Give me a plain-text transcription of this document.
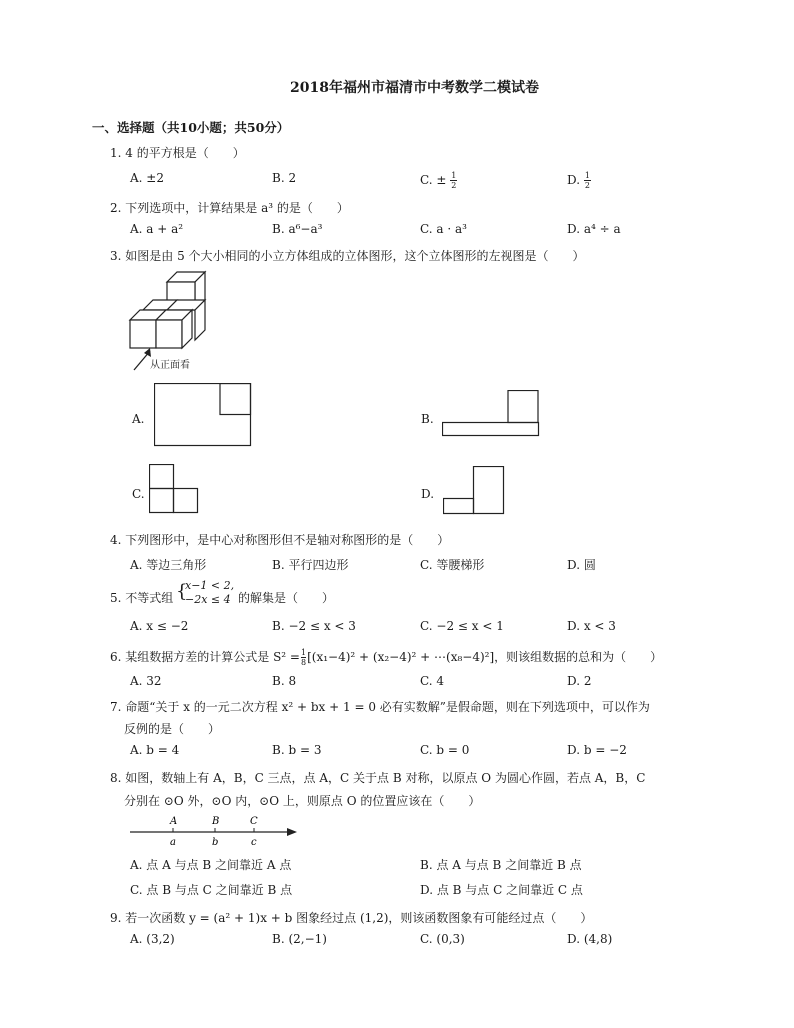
2018年福州市福清市中考数学二模试卷
一、选择题（共10小题；共50分）
1. 4 的平方根是（　　）
A. ±2	B. 2	C. ± $\frac{1}{2}$	D. $\frac{1}{2}$
2. 下列选项中，计算结果是 a³ 的是（　　）
A. a + a²	B. a⁶−a³	C. a · a³	D. a⁴ ÷ a
3. 如图是由 5 个大小相同的小立方体组成的立体图形，这个立体图形的左视图是（　　）
从正面看
A.	B.
C.	D.
4. 下列图形中，是中心对称图形但不是轴对称图形的是（　　）
A. 等边三角形	B. 平行四边形	C. 等腰梯形	D. 圆
5. 不等式组 {
x−1 < 2,
−2x ≤ 4 的解集是（　　）
A. x ≤ −2	B. −2 ≤ x < 3	C. −2 ≤ x < 1	D. x < 3
6. 某组数据方差的计算公式是 $S^2 = \frac{1}{8} [(x_1-4)^2 + (x_2-4)^2$ + ⋯(x₈−4)²]，则该组数据的总和为（　　）
A. 32	B. 8	C. 4	D. 2
7. 命题“关于 x 的一元二次方程 x² + bx + 1 = 0 必有实数解”是假命题，则在下列选项中，可以作为
反例的是（　　）
A. b = 4	B. b = 3	C. b = 0	D. b = −2
8. 如图，数轴上有 A，B，C 三点，点 A，C 关于点 B 对称，以原点 O 为圆心作圆，若点 A，B，C
分别在 ⊙O 外，⊙O 内，⊙O 上，则原点 O 的位置应该在（　　）
A	B	C
a	b	c
A. 点 A 与点 B 之间靠近 A 点	B. 点 A 与点 B 之间靠近 B 点
C. 点 B 与点 C 之间靠近 B 点	D. 点 B 与点 C 之间靠近 C 点
9. 若一次函数 y = (a² + 1)x + b 图象经过点 (1,2)，则该函数图象有可能经过点（　　）
A. (3,2)	B. (2,−1)	C. (0,3)	D. (4,8)
